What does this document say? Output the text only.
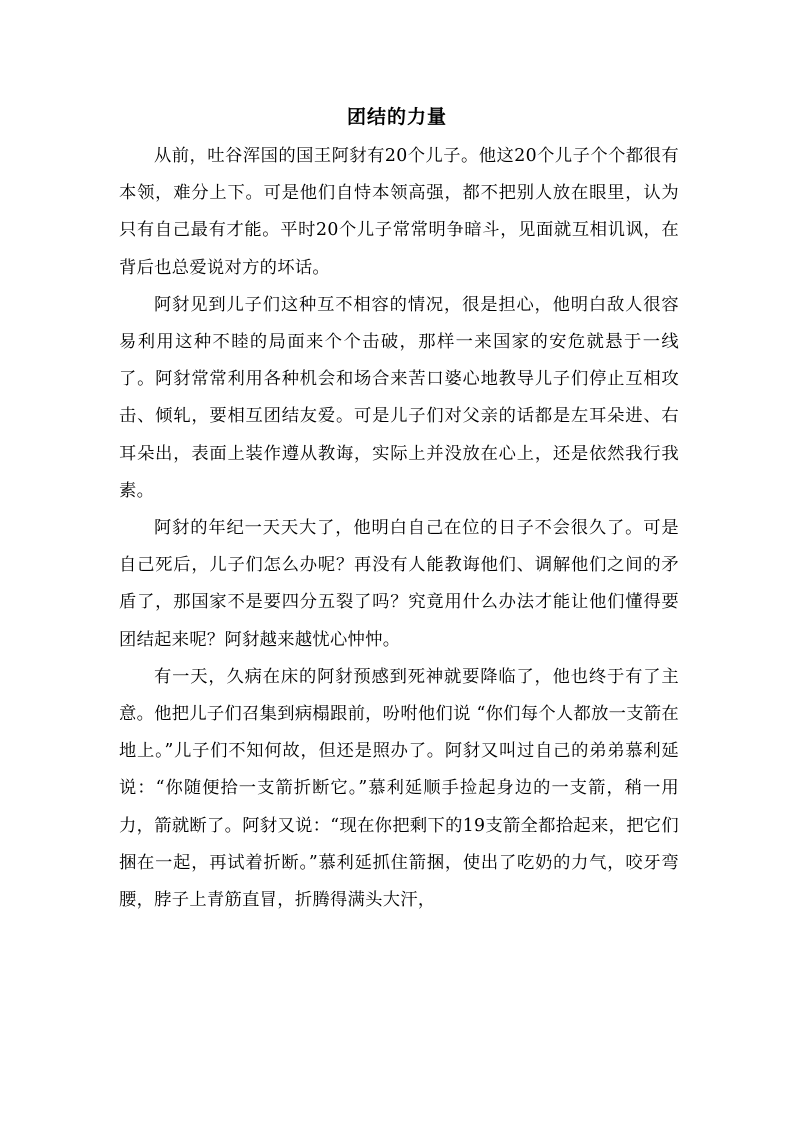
团结的力量

从前，吐谷浑国的国王阿豺有20个儿子。他这20个儿子个个都很有本领，难分上下。可是他们自恃本领高强，都不把别人放在眼里，认为只有自己最有才能。平时20个儿子常常明争暗斗，见面就互相讥讽，在背后也总爱说对方的坏话。

阿豺见到儿子们这种互不相容的情况，很是担心，他明白敌人很容易利用这种不睦的局面来个个击破，那样一来国家的安危就悬于一线了。阿豺常常利用各种机会和场合来苦口婆心地教导儿子们停止互相攻击、倾轧，要相互团结友爱。可是儿子们对父亲的话都是左耳朵进、右耳朵出，表面上装作遵从教诲，实际上并没放在心上，还是依然我行我素。

阿豺的年纪一天天大了，他明白自己在位的日子不会很久了。可是自己死后，儿子们怎么办呢？再没有人能教诲他们、调解他们之间的矛盾了，那国家不是要四分五裂了吗？究竟用什么办法才能让他们懂得要团结起来呢？阿豺越来越忧心忡忡。

有一天，久病在床的阿豺预感到死神就要降临了，他也终于有了主意。他把儿子们召集到病榻跟前，吩咐他们说 “你们每个人都放一支箭在地上。”儿子们不知何故，但还是照办了。阿豺又叫过自己的弟弟慕利延说：“你随便拾一支箭折断它。”慕利延顺手捡起身边的一支箭，稍一用力，箭就断了。阿豺又说：“现在你把剩下的19支箭全都拾起来，把它们捆在一起，再试着折断。”慕利延抓住箭捆，使出了吃奶的力气，咬牙弯腰，脖子上青筋直冒，折腾得满头大汗，
